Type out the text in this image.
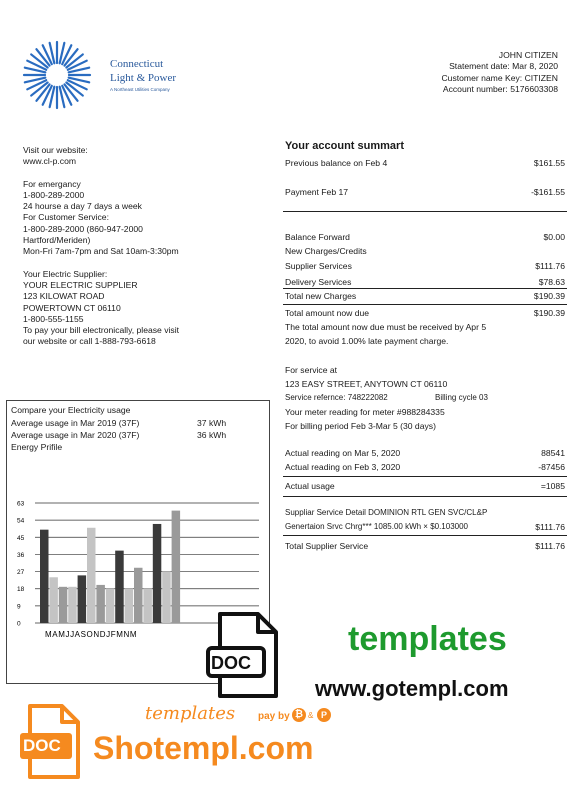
Connecticut
Light & Power
A Northeast Utilities Company
JOHN CITIZEN
Statement date: Mar 8, 2020
Customer name Key: CITIZEN
Account number: 5176603308
Visit our website:
www.cl-p.com
For emergancy
1-800-289-2000
24 hourse a day 7 days a week
For Customer Service:
1-800-289-2000 (860-947-2000
Hartford/Meriden)
Mon-Fri 7am-7pm and Sat 10am-3:30pm
Your Electric Supplier:
YOUR ELECTRIC SUPPLIER
123 KILOWAT ROAD
POWERTOWN CT 06110
1-800-555-1155
To pay your bill electronically, please visit
our website or call 1-888-793-6618
Compare your Electricity usage
Average usage in Mar 2019 (37F)	37 kWh
Average usage in Mar 2020 (37F)	36 kWh
Energy Prifile
0
9
18
27
36
45
54
63
MAMJJASONDJFMNM
Your account summart
Previous balance on Feb 4	$161.55
Payment Feb 17	-$161.55
Balance Forward	$0.00
New Charges/Credits
Supplier Services	$111.76
Delivery Services	$78.63
Total new Charges	$190.39
Total amount now due	$190.39
The total amount now due must be received by Apr 5
2020, to avoid 1.00% late payment charge.
For service at
123 EASY STREET, ANYTOWN CT 06110
Service refernce: 748222082	Billing cycle 03
Your meter reading for meter #988284335
For billing period Feb 3-Mar 5 (30 days)
Actual reading on Mar 5, 2020	88541
Actual reading on Feb 3, 2020	-87456
Actual usage	=1085
Suppliar Service Detail DOMINION RTL GEN SVC/CL&P
Genertaion Srvc Chrg*** 1085.00 kWh × $0.103000	$111.76
Total Supplier Service	$111.76
DOC
templates
www.gotempl.com
DOC
templates pay by ₿ & P
Shotempl.com
